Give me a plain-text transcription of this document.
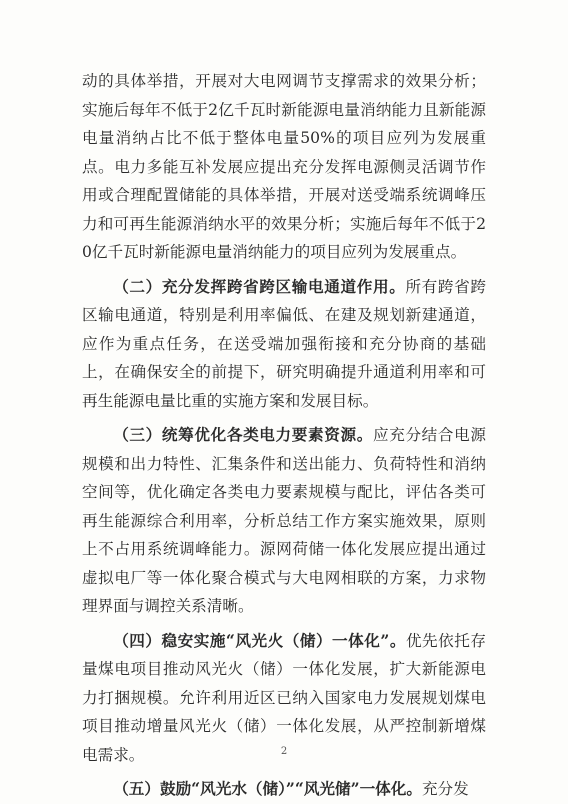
动的具体举措，开展对大电网调节支撑需求的效果分析；实施后每年不低于2亿千瓦时新能源电量消纳能力且新能源电量消纳占比不低于整体电量50%的项目应列为发展重点。电力多能互补发展应提出充分发挥电源侧灵活调节作用或合理配置储能的具体举措，开展对送受端系统调峰压力和可再生能源消纳水平的效果分析；实施后每年不低于20亿千瓦时新能源电量消纳能力的项目应列为发展重点。

（二）充分发挥跨省跨区输电通道作用。所有跨省跨区输电通道，特别是利用率偏低、在建及规划新建通道，应作为重点任务，在送受端加强衔接和充分协商的基础上，在确保安全的前提下，研究明确提升通道利用率和可再生能源电量比重的实施方案和发展目标。

（三）统筹优化各类电力要素资源。应充分结合电源规模和出力特性、汇集条件和送出能力、负荷特性和消纳空间等，优化确定各类电力要素规模与配比，评估各类可再生能源综合利用率，分析总结工作方案实施效果，原则上不占用系统调峰能力。源网荷储一体化发展应提出通过虚拟电厂等一体化聚合模式与大电网相联的方案，力求物理界面与调控关系清晰。

（四）稳安实施“风光火（储）一体化”。优先依托存量煤电项目推动风光火（储）一体化发展，扩大新能源电力打捆规模。允许利用近区已纳入国家电力发展规划煤电项目推动增量风光火（储）一体化发展，从严控制新增煤电需求。

（五）鼓励“风光水（储）”“风光储”一体化。充分发

2
